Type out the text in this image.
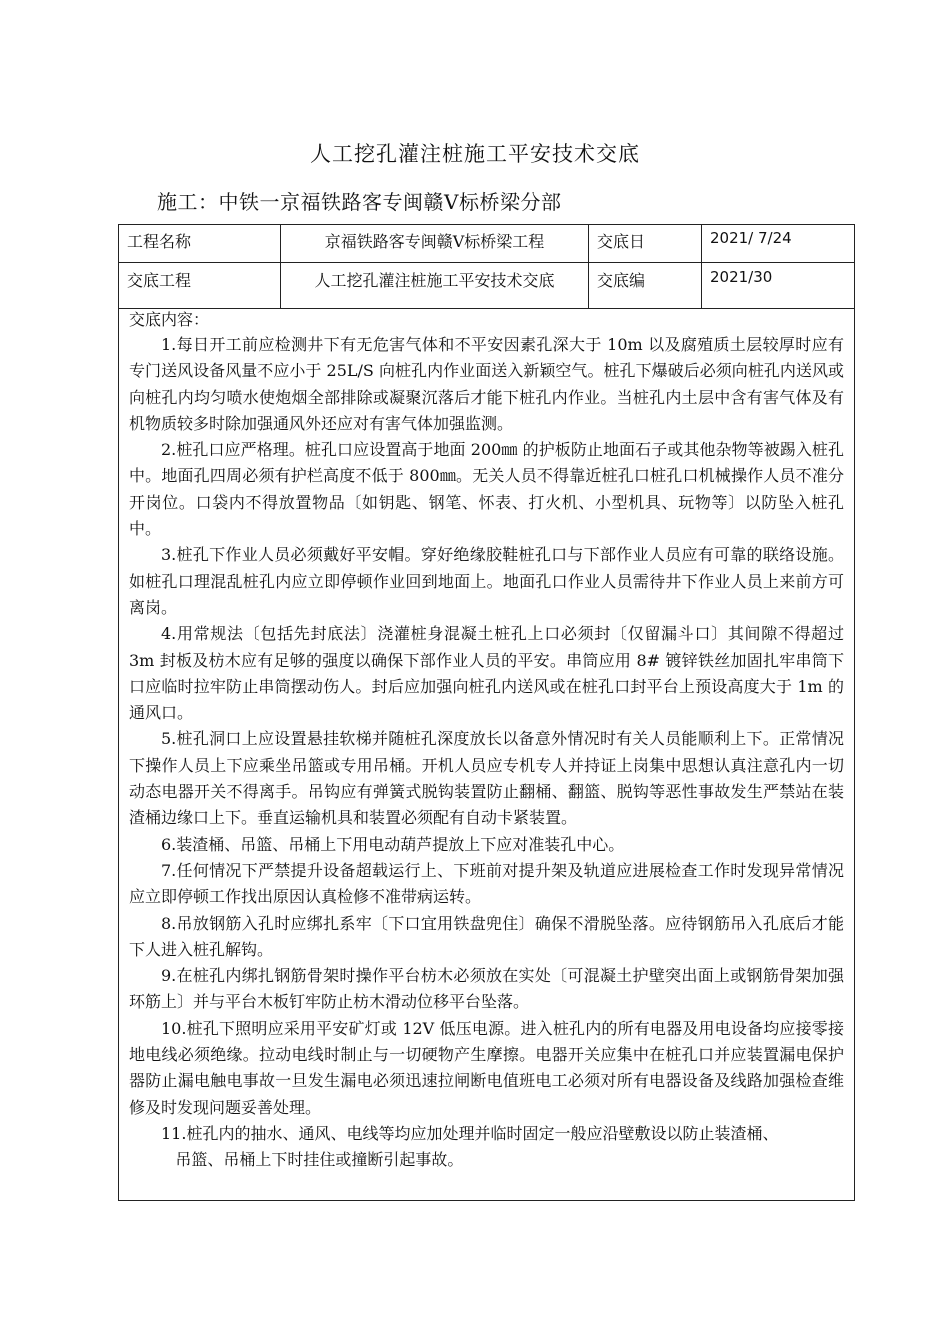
人工挖孔灌注桩施工平安技术交底
施工：中铁一京福铁路客专闽赣Ⅴ标桥梁分部
工程名称	京福铁路客专闽赣Ⅴ标桥梁工程	交底日	2021/ 7/24
交底工程	人工挖孔灌注桩施工平安技术交底	交底编	2021/30
交底内容：

1.每日开工前应检测井下有无危害气体和不平安因素孔深大于 10m 以及腐殖质土层较厚时应有专门送风设备风量不应小于 25L/S 向桩孔内作业面送入新颖空气。桩孔下爆破后必须向桩孔内送风或向桩孔内均匀喷水使炮烟全部排除或凝聚沉落后才能下桩孔内作业。当桩孔内土层中含有害气体及有机物质较多时除加强通风外还应对有害气体加强监测。

2.桩孔口应严格理。桩孔口应设置高于地面 200㎜ 的护板防止地面石子或其他杂物等被踢入桩孔中。地面孔四周必须有护栏高度不低于 800㎜。无关人员不得靠近桩孔口桩孔口机械操作人员不准分开岗位。口袋内不得放置物品〔如钥匙、钢笔、怀表、打火机、小型机具、玩物等〕以防坠入桩孔中。

3.桩孔下作业人员必须戴好平安帽。穿好绝缘胶鞋桩孔口与下部作业人员应有可靠的联络设施。如桩孔口理混乱桩孔内应立即停顿作业回到地面上。地面孔口作业人员需待井下作业人员上来前方可离岗。

4.用常规法〔包括先封底法〕浇灌桩身混凝土桩孔上口必须封〔仅留漏斗口〕其间隙不得超过 3m 封板及枋木应有足够的强度以确保下部作业人员的平安。串筒应用 8# 镀锌铁丝加固扎牢串筒下口应临时拉牢防止串筒摆动伤人。封后应加强向桩孔内送风或在桩孔口封平台上预设高度大于 1m 的通风口。

5.桩孔洞口上应设置悬挂软梯并随桩孔深度放长以备意外情况时有关人员能顺利上下。正常情况下操作人员上下应乘坐吊篮或专用吊桶。开机人员应专机专人并持证上岗集中思想认真注意孔内一切动态电器开关不得离手。吊钩应有弹簧式脱钩装置防止翻桶、翻篮、脱钩等恶性事故发生严禁站在装渣桶边缘口上下。垂直运输机具和装置必须配有自动卡紧装置。

6.装渣桶、吊篮、吊桶上下用电动葫芦提放上下应对准装孔中心。

7.任何情况下严禁提升设备超载运行上、下班前对提升架及轨道应进展检查工作时发现异常情况应立即停顿工作找出原因认真检修不准带病运转。

8.吊放钢筋入孔时应绑扎系牢〔下口宜用铁盘兜住〕确保不滑脱坠落。应待钢筋吊入孔底后才能下人进入桩孔解钩。

9.在桩孔内绑扎钢筋骨架时操作平台枋木必须放在实处〔可混凝土护壁突出面上或钢筋骨架加强环筋上〕并与平台木板钉牢防止枋木滑动位移平台坠落。

10.桩孔下照明应采用平安矿灯或 12V 低压电源。进入桩孔内的所有电器及用电设备均应接零接地电线必须绝缘。拉动电线时制止与一切硬物产生摩擦。电器开关应集中在桩孔口并应装置漏电保护器防止漏电触电事故一旦发生漏电必须迅速拉闸断电值班电工必须对所有电器设备及线路加强检查维修及时发现问题妥善处理。

11.桩孔内的抽水、通风、电线等均应加处理并临时固定一般应沿壁敷设以防止装渣桶、

吊篮、吊桶上下时挂住或撞断引起事故。
